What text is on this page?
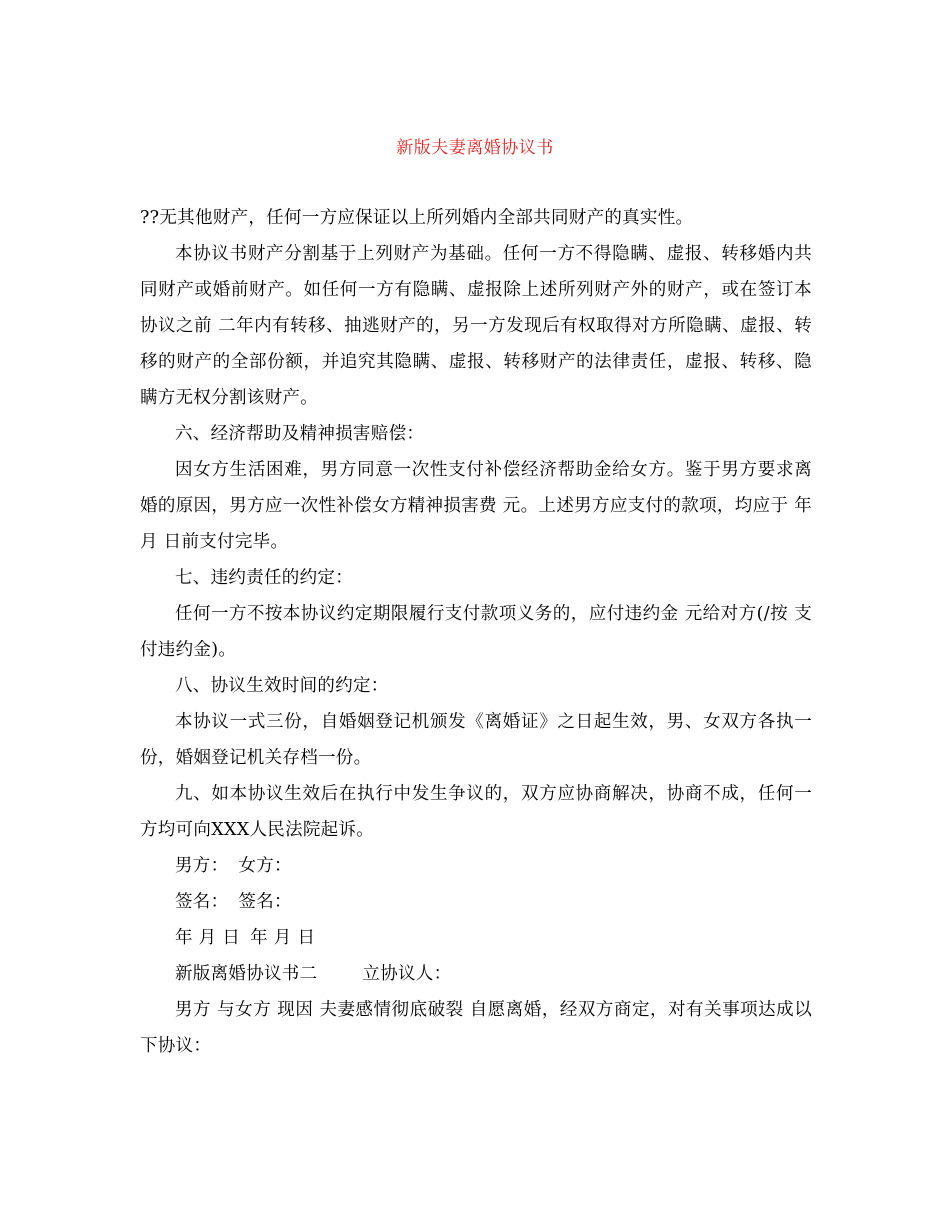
新版夫妻离婚协议书

??无其他财产，任何一方应保证以上所列婚内全部共同财产的真实性。

本协议书财产分割基于上列财产为基础。任何一方不得隐瞒、虚报、转移婚内共同财产或婚前财产。如任何一方有隐瞒、虚报除上述所列财产外的财产，或在签订本协议之前 二年内有转移、抽逃财产的，另一方发现后有权取得对方所隐瞒、虚报、转移的财产的全部份额，并追究其隐瞒、虚报、转移财产的法律责任，虚报、转移、隐瞒方无权分割该财产。

六、经济帮助及精神损害赔偿：

因女方生活困难，男方同意一次性支付补偿经济帮助金给女方。鉴于男方要求离婚的原因，男方应一次性补偿女方精神损害费 元。上述男方应支付的款项，均应于 年 月 日前支付完毕。

七、违约责任的约定：

任何一方不按本协议约定期限履行支付款项义务的，应付违约金 元给对方(/按 支付违约金)。

八、协议生效时间的约定：

本协议一式三份，自婚姻登记机颁发《离婚证》之日起生效，男、女双方各执一份，婚姻登记机关存档一份。

九、如本协议生效后在执行中发生争议的，双方应协商解决，协商不成，任何一方均可向XXX人民法院起诉。

男方： 女方：

签名： 签名：

年 月 日 年 月 日

新版离婚协议书二	立协议人：

男方 与女方 现因 夫妻感情彻底破裂 自愿离婚，经双方商定，对有关事项达成以下协议：
